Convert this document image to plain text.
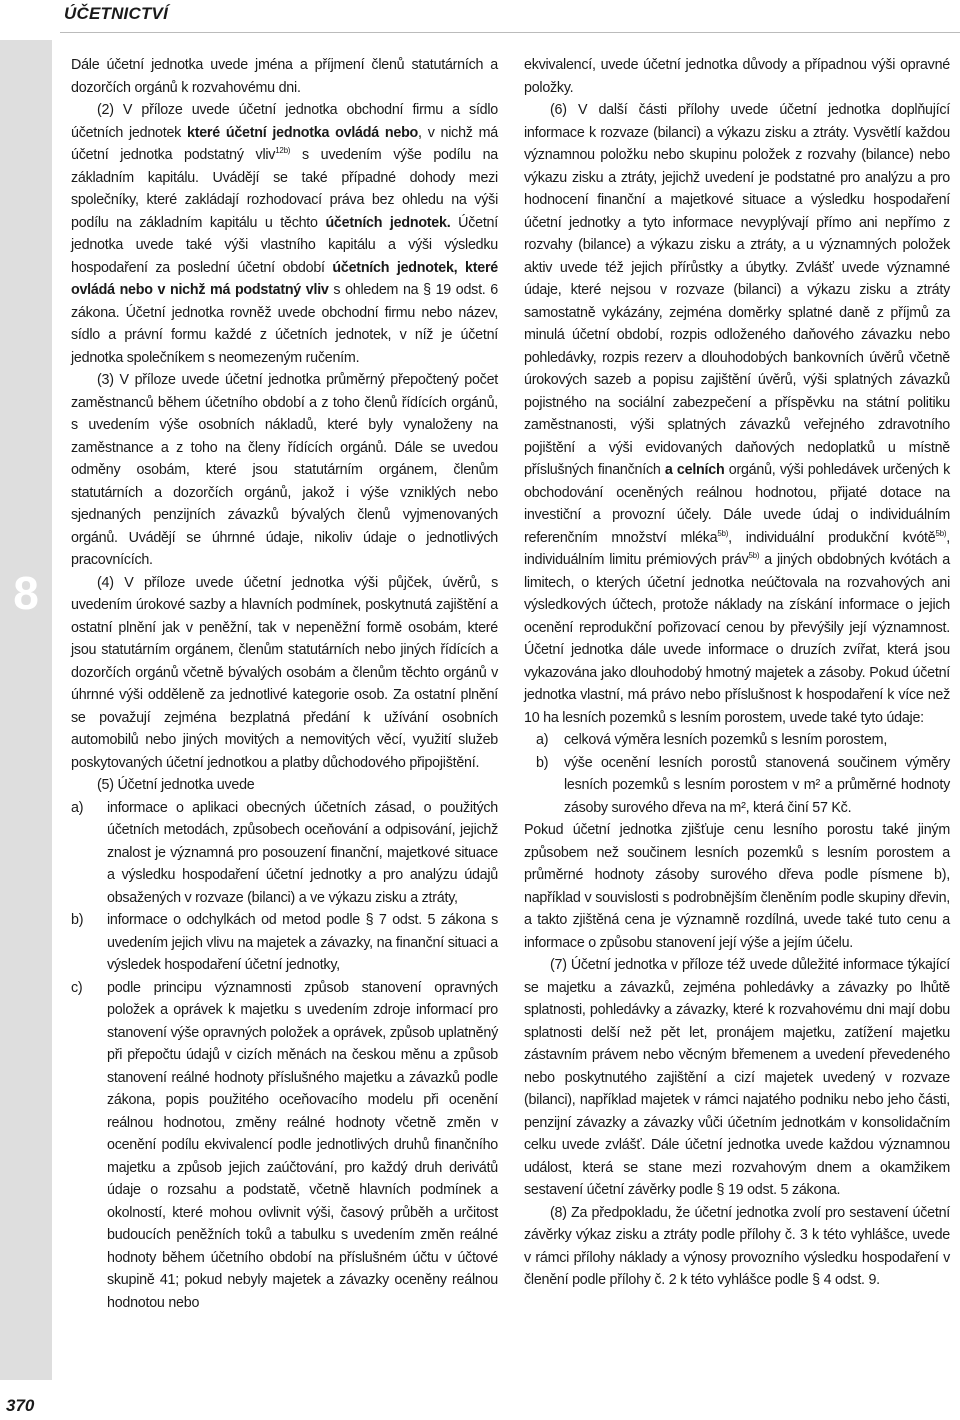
ÚČETNICTVÍ
8
370

Dále účetní jednotka uvede jména a příjmení členů statutárních a dozorčích orgánů k rozvahovému dni.

(2) V příloze uvede účetní jednotka obchodní firmu a sídlo účetních jednotek které účetní jednotka ovládá nebo, v nichž má účetní jednotka podstatný vliv$^{12b)}$ s uvedením výše podílu na základním kapitálu. Uvádějí se také případné dohody mezi společníky, které zakládají rozhodovací práva bez ohledu na výši podílu na základním kapitálu u těchto účetních jednotek. Účetní jednotka uvede také výši vlastního kapitálu a výši výsledku hospodaření za poslední účetní období účetních jednotek, které ovládá nebo v nichž má podstatný vliv s ohledem na § 19 odst. 6 zákona. Účetní jednotka rovněž uvede obchodní firmu nebo název, sídlo a právní formu každé z účetních jednotek, v níž je účetní jednotka společníkem s neomezeným ručením.

(3) V příloze uvede účetní jednotka průměrný přepočtený počet zaměstnanců během účetního období a z toho členů řídících orgánů, s uvedením výše osobních nákladů, které byly vynaloženy na zaměstnance a z toho na členy řídících orgánů. Dále se uvedou odměny osobám, které jsou statutárním orgánem, členům statutárních a dozorčích orgánů, jakož i výše vzniklých nebo sjednaných penzijních závazků bývalých členů vyjmenovaných orgánů. Uvádějí se úhrnné údaje, nikoliv údaje o jednotlivých pracovnících.

(4) V příloze uvede účetní jednotka výši půjček, úvěrů, s uvedením úrokové sazby a hlavních podmínek, poskytnutá zajištění a ostatní plnění jak v peněžní, tak v nepeněžní formě osobám, které jsou statutárním orgánem, členům statutárních nebo jiných řídících a dozorčích orgánů včetně bývalých osobám a členům těchto orgánů v úhrnné výši odděleně za jednotlivé kategorie osob. Za ostatní plnění se považují zejména bezplatná předání k užívání osobních automobilů nebo jiných movitých a nemovitých věcí, využití služeb poskytovaných účetní jednotkou a platby důchodového připojištění.

(5) Účetní jednotka uvede

a) informace o aplikaci obecných účetních zásad, o použitých účetních metodách, způsobech oceňování a odpisování, jejichž znalost je významná pro posouzení finanční, majetkové situace a výsledku hospodaření účetní jednotky a pro analýzu údajů obsažených v rozvaze (bilanci) a ve výkazu zisku a ztráty,
b) informace o odchylkách od metod podle § 7 odst. 5 zákona s uvedením jejich vlivu na majetek a závazky, na finanční situaci a výsledek hospodaření účetní jednotky,
c) podle principu významnosti způsob stanovení opravných položek a oprávek k majetku s uvedením zdroje informací pro stanovení výše opravných položek a oprávek, způsob uplatněný při přepočtu údajů v cizích měnách na českou měnu a způsob stanovení reálné hodnoty příslušného majetku a závazků podle zákona, popis použitého oceňovacího modelu při ocenění reálnou hodnotou, změny reálné hodnoty včetně změn v ocenění podílu ekvivalencí podle jednotlivých druhů finančního majetku a způsob jejich zaúčtování, pro každý druh derivátů údaje o rozsahu a podstatě, včetně hlavních podmínek a okolností, které mohou ovlivnit výši, časový průběh a určitost budoucích peněžních toků a tabulku s uvedením změn reálné hodnoty během účetního období na příslušném účtu v účtové skupině 41; pokud nebyly majetek a závazky oceněny reálnou hodnotou nebo

ekvivalencí, uvede účetní jednotka důvody a případnou výši opravné položky.

(6) V další části přílohy uvede účetní jednotka doplňující informace k rozvaze (bilanci) a výkazu zisku a ztráty. Vysvětlí každou významnou položku nebo skupinu položek z rozvahy (bilance) nebo výkazu zisku a ztráty, jejichž uvedení je podstatné pro analýzu a pro hodnocení finanční a majetkové situace a výsledku hospodaření účetní jednotky a tyto informace nevyplývají přímo ani nepřímo z rozvahy (bilance) a výkazu zisku a ztráty, a u významných položek aktiv uvede též jejich přírůstky a úbytky. Zvlášť uvede významné údaje, které nejsou v rozvaze (bilanci) a výkazu zisku a ztráty samostatně vykázány, zejména doměrky splatné daně z příjmů za minulá účetní období, rozpis odloženého daňového závazku nebo pohledávky, rozpis rezerv a dlouhodobých bankovních úvěrů včetně úrokových sazeb a popisu zajištění úvěrů, výši splatných závazků pojistného na sociální zabezpečení a příspěvku na státní politiku zaměstnanosti, výši splatných závazků veřejného zdravotního pojištění a výši evidovaných daňových nedoplatků u místně příslušných finančních a celních orgánů, výši pohledávek určených k obchodování oceněných reálnou hodnotou, přijaté dotace na investiční a provozní účely. Dále uvede údaj o individuálním referenčním množství mléka$^{5b)}$, individuální produkční kvótě$^{5b)}$, individuálním limitu prémiových práv$^{5b)}$ a jiných obdobných kvótách a limitech, o kterých účetní jednotka neúčtovala na rozvahových ani výsledkových účtech, protože náklady na získání informace o jejich ocenění reprodukční pořizovací cenou by převýšily její významnost. Účetní jednotka dále uvede informace o druzích zvířat, která jsou vykazována jako dlouhodobý hmotný majetek a zásoby. Pokud účetní jednotka vlastní, má právo nebo příslušnost k hospodaření k více než 10 ha lesních pozemků s lesním porostem, uvede také tyto údaje:

a) celková výměra lesních pozemků s lesním porostem,
b) výše ocenění lesních porostů stanovená součinem výměry lesních pozemků s lesním porostem v m² a průměrné hodnoty zásoby surového dřeva na m², která činí 57 Kč.

Pokud účetní jednotka zjišťuje cenu lesního porostu také jiným způsobem než součinem lesních pozemků s lesním porostem a průměrné hodnoty zásoby surového dřeva podle písmene b), například v souvislosti s podrobnějším členěním podle skupiny dřevin, a takto zjištěná cena je významně rozdílná, uvede také tuto cenu a informace o způsobu stanovení její výše a jejím účelu.

(7) Účetní jednotka v příloze též uvede důležité informace týkající se majetku a závazků, zejména pohledávky a závazky po lhůtě splatnosti, pohledávky a závazky, které k rozvahovému dni mají dobu splatnosti delší než pět let, pronájem majetku, zatížení majetku zástavním právem nebo věcným břemenem a uvedení převedeného nebo poskytnutého zajištění a cizí majetek uvedený v rozvaze (bilanci), například majetek v rámci najatého podniku nebo jeho části, penzijní závazky a závazky vůči účetním jednotkám v konsolidačním celku uvede zvlášť. Dále účetní jednotka uvede každou významnou událost, která se stane mezi rozvahovým dnem a okamžikem sestavení účetní závěrky podle § 19 odst. 5 zákona.

(8) Za předpokladu, že účetní jednotka zvolí pro sestavení účetní závěrky výkaz zisku a ztráty podle přílohy č. 3 k této vyhlášce, uvede v rámci přílohy náklady a výnosy provozního výsledku hospodaření v členění podle přílohy č. 2 k této vyhlášce podle § 4 odst. 9.
